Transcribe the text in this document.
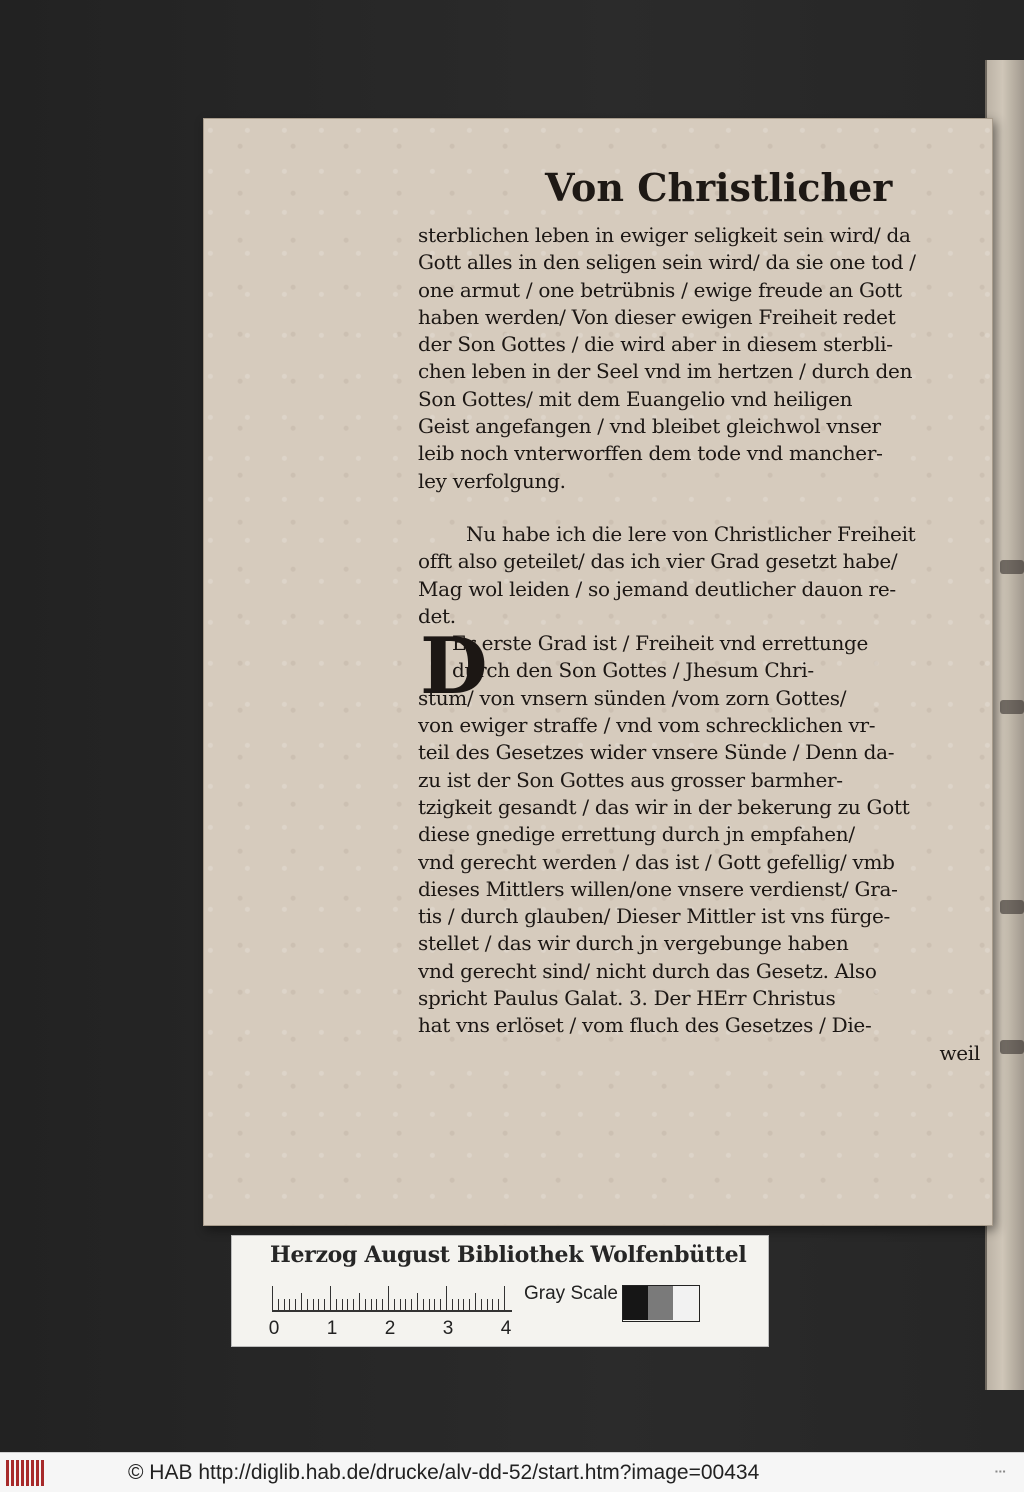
Von Christlicher
sterblichen leben in ewiger seligkeit sein wird/ da
Gott alles in den seligen sein wird/ da sie one tod /
one armut / one betrübnis / ewige freude an Gott
haben werden/ Von dieser ewigen Freiheit redet
der Son Gottes / die wird aber in diesem sterbli-
chen leben in der Seel vnd im hertzen / durch den
Son Gottes/ mit dem Euangelio vnd heiligen
Geist angefangen / vnd bleibet gleichwol vnser
leib noch vnterworffen dem tode vnd mancher-
ley verfolgung.
Nu habe ich die lere von Christlicher Freiheit
offt also geteilet/ das ich vier Grad gesetzt habe/
Mag wol leiden / so jemand deutlicher dauon re-
det.
Er erste Grad ist / Freiheit vnd errettunge
durch den Son Gottes / Jhesum Chri-
stum/ von vnsern sünden /vom zorn Gottes/
von ewiger straffe / vnd vom schrecklichen vr-
teil des Gesetzes wider vnsere Sünde / Denn da-
zu ist der Son Gottes aus grosser barmher-
tzigkeit gesandt / das wir in der bekerung zu Gott
diese gnedige errettung durch jn empfahen/
vnd gerecht werden / das ist / Gott gefellig/ vmb
dieses Mittlers willen/one vnsere verdienst/ Gra-
tis / durch glauben/ Dieser Mittler ist vns fürge-
stellet / das wir durch jn vergebunge haben
vnd gerecht sind/ nicht durch das Gesetz. Also
spricht Paulus Galat. 3. Der HErr Christus
hat vns erlöset / vom fluch des Gesetzes / Die-
weil
D
Herzog August Bibliothek Wolfenbüttel
0 1 2 3 4
Gray Scale
© HAB http://diglib.hab.de/drucke/alv-dd-52/start.htm?image=00434	▪▪▪
